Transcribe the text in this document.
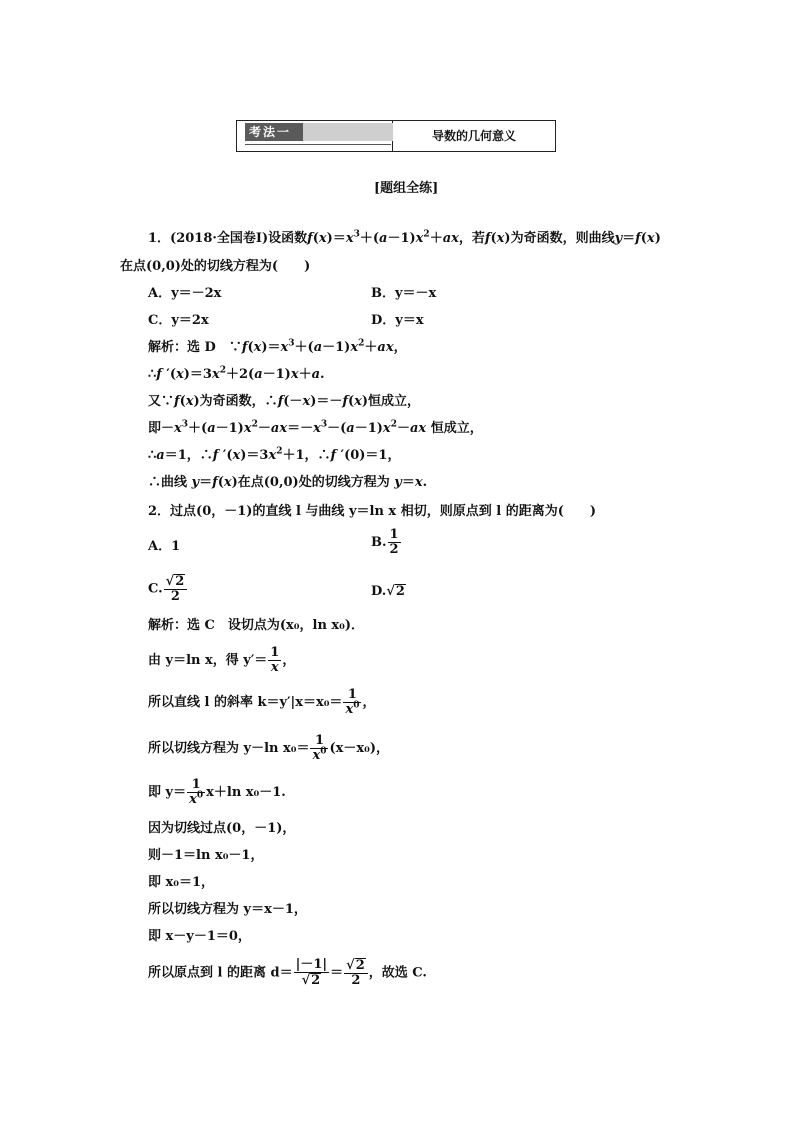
考法一	导数的几何意义
[题组全练]
1．(2018·全国卷Ⅰ)设函数$f(x)=x^3+(a-1)x^2+ax$，若f(x)为奇函数，则曲线y＝f(x)
在点(0,0)处的切线方程为(　　)
A．y＝－2x	B．y＝－x
C．y＝2x	D．y＝x
解析：选 D　$\because f(x)=x^3+(a-1)x^2+ax$，
∴f $'(x)=3x^2+2(a-1)x+a$.
又∵f(x)为奇函数，∴f(－x)＝－f(x)恒成立，
即$-x^3+(a-1)x^2-ax=-x^3-(a-1)x^2-ax$ 恒成立，
∴a＝1，∴f $'(x)=3x^2+1$，∴f ′(0)＝1，
∴曲线 y＝f(x)在点(0,0)处的切线方程为 y＝x.
2．过点(0，－1)的直线 l 与曲线 y＝ln x 相切，则原点到 l 的距离为(　　)
A．1	B. $\frac{1}{2}$
C. $\frac{√2}{2}$	D.√2
解析：选 C　 设切点为(x₀，ln x₀)．
由 y＝ln x，得 $y'= \frac{1}{x}$ ，
所以直线 l 的斜率 $k=y'|x=x_0= \frac{1}{x^0}$ ，
所以切线方程为 y－ln $x_0= \frac{1}{x^0} (x-x_0)$，
即 $y= \frac{1}{x^0} x+\ln$ x₀－1.
因为切线过点(0，－1)，
则－1＝ln x₀－1，
即 x₀＝1，
所以切线方程为 y＝x－1，
即 x－y－1＝0，
所以原点到 l 的距离 $d= \frac{|-1|}{√2} = \frac{√2}{2}$ ，故选 C.
